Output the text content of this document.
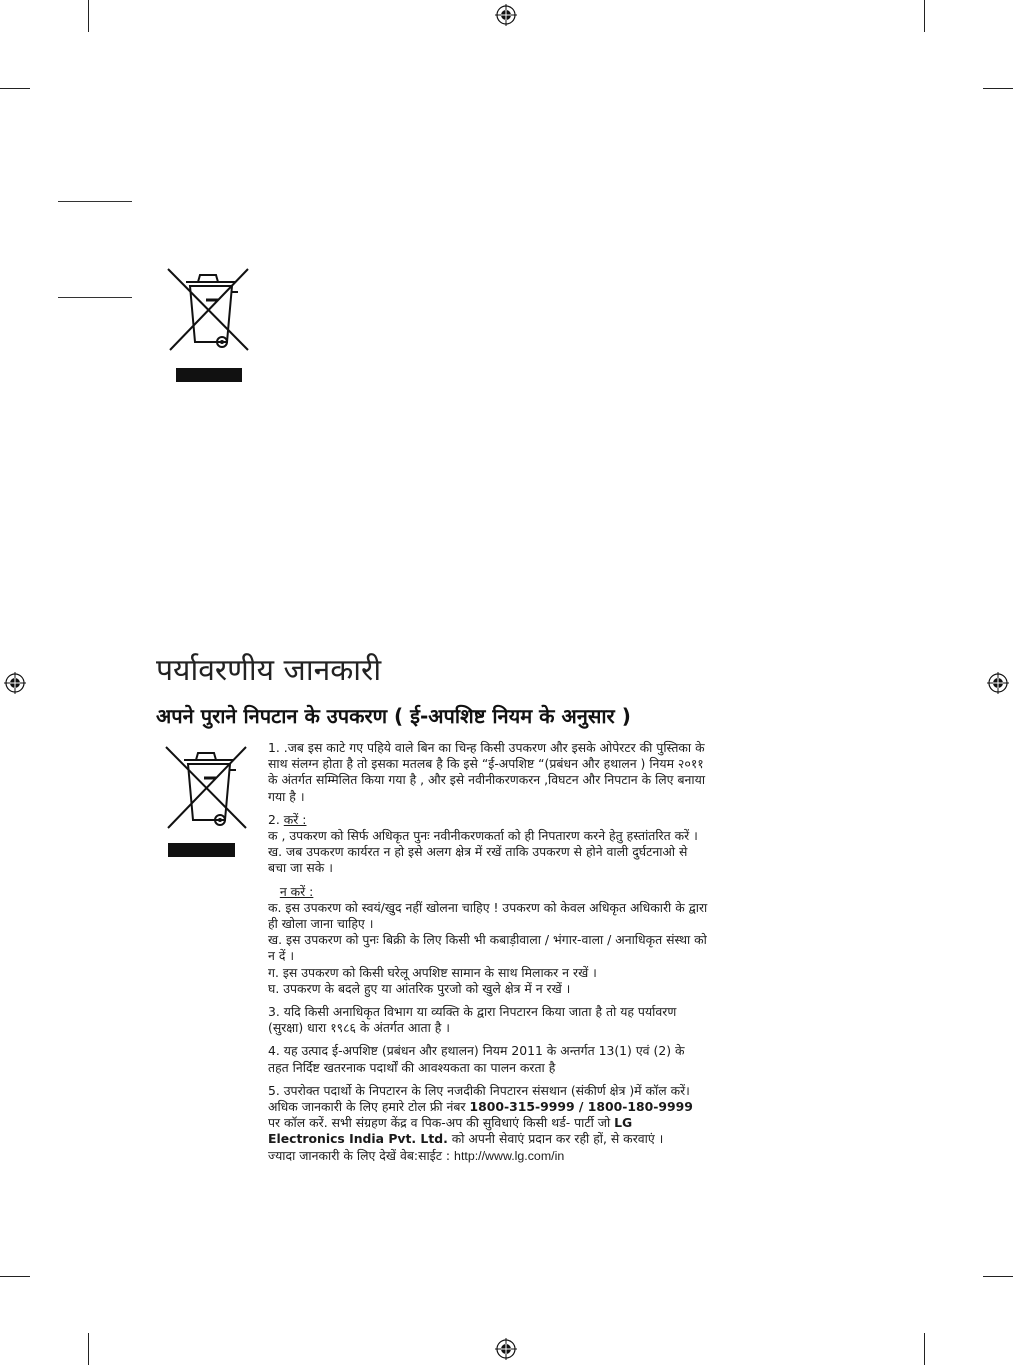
पर्यावरणीय जानकारी
अपने पुराने निपटान के उपकरण ( ई-अपशिष्ट नियम के अनुसार )

1. .जब इस काटे गए पहिये वाले बिन का चिन्ह किसी उपकरण और इसके ओपेरटर की पुस्तिका के साथ संलग्न होता है तो इसका मतलब है कि इसे “ई-अपशिष्ट “(प्रबंधन और हथालन ) नियम २०११ के अंतर्गत सम्मिलित किया गया है , और इसे नवीनीकरणकरन ,विघटन और निपटान के लिए बनाया गया है ।

2. करें :

क , उपकरण को सिर्फ अधिकृत पुनः नवीनीकरणकर्ता को ही निपतारण करने हेतु हस्तांतरित करें ।

ख. जब उपकरण कार्यरत न हो इसे अलग क्षेत्र में रखें ताकि उपकरण से होने वाली दुर्घटनाओ से बचा जा सके ।

न करें :

क. इस उपकरण को स्वयं/खुद नहीं खोलना चाहिए ! उपकरण को केवल अधिकृत अधिकारी के द्वारा ही खोला जाना चाहिए ।

ख. इस उपकरण को पुनः बिक्री के लिए किसी भी कबाड़ीवाला / भंगार-वाला / अनाधिकृत संस्था को न दें ।

ग. इस उपकरण को किसी घरेलू अपशिष्ट सामान के साथ मिलाकर न रखें ।

घ. उपकरण के बदले हुए या आंतरिक पुरजो को खुले क्षेत्र में न रखें ।

3. यदि किसी अनाधिकृत विभाग या व्यक्ति के द्वारा निपटारन किया जाता है तो यह पर्यावरण (सुरक्षा) धारा १९८६ के अंतर्गत आता है ।

4. यह उत्पाद ई-अपशिष्ट (प्रबंधन और हथालन) नियम 2011 के अन्तर्गत 13(1) एवं (2) के तहत निर्दिष्ट खतरनाक पदार्थों की आवश्यकता का पालन करता है

5. उपरोक्त पदार्थो के निपटारन के लिए नजदीकी निपटारन संसथान (संकीर्ण क्षेत्र )में कॉल करें। अधिक जानकारी के लिए हमारे टोल फ्री नंबर 1800-315-9999 / 1800-180-9999 पर कॉल करें. सभी संग्रहण केंद्र व पिक-अप की सुविधाएं किसी थर्ड- पार्टी जो LG Electronics India Pvt. Ltd. को अपनी सेवाएं प्रदान कर रही हों, से करवाएं ।

ज्यादा जानकारी के लिए देखें वेब:साईट : http://www.lg.com/in
